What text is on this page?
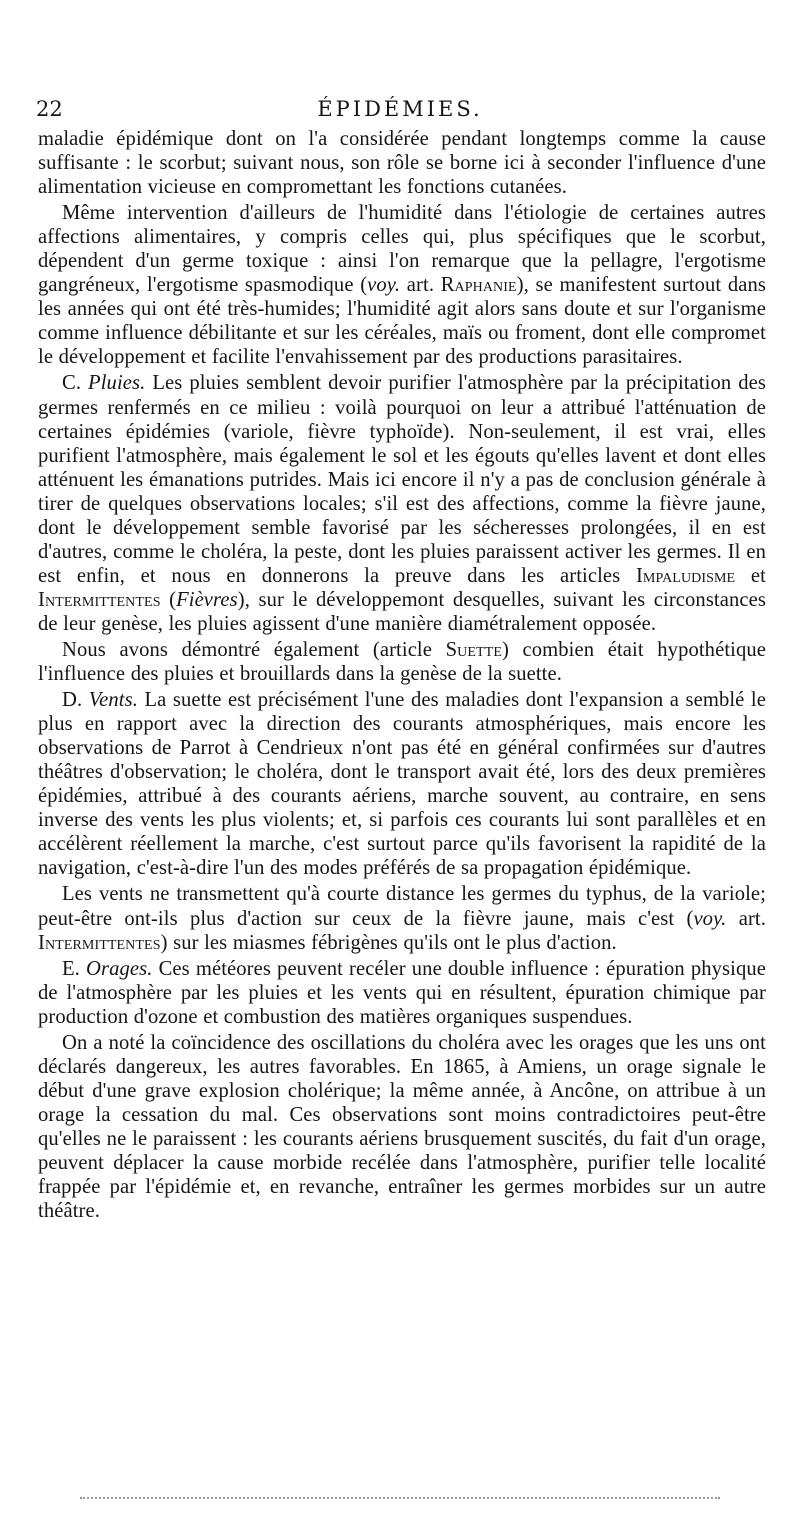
22	ÉPIDÉMIES.

maladie épidémique dont on l'a considérée pendant longtemps comme la cause suffisante : le scorbut; suivant nous, son rôle se borne ici à seconder l'influence d'une alimentation vicieuse en compromettant les fonctions cutanées.

Même intervention d'ailleurs de l'humidité dans l'étiologie de certaines autres affections alimentaires, y compris celles qui, plus spécifiques que le scorbut, dépendent d'un germe toxique : ainsi l'on remarque que la pellagre, l'ergotisme gangréneux, l'ergotisme spasmodique (voy. art. Raphanie), se manifestent surtout dans les années qui ont été très-humides; l'humidité agit alors sans doute et sur l'organisme comme influence débilitante et sur les céréales, maïs ou froment, dont elle compromet le développement et facilite l'envahissement par des productions parasitaires.

C. Pluies. Les pluies semblent devoir purifier l'atmosphère par la précipitation des germes renfermés en ce milieu : voilà pourquoi on leur a attribué l'atténuation de certaines épidémies (variole, fièvre typhoïde). Non-seulement, il est vrai, elles purifient l'atmosphère, mais également le sol et les égouts qu'elles lavent et dont elles atténuent les émanations putrides. Mais ici encore il n'y a pas de conclusion générale à tirer de quelques observations locales; s'il est des affections, comme la fièvre jaune, dont le développement semble favorisé par les sécheresses prolongées, il en est d'autres, comme le choléra, la peste, dont les pluies paraissent activer les germes. Il en est enfin, et nous en donnerons la preuve dans les articles Impaludisme et Intermittentes (Fièvres), sur le développemont desquelles, suivant les circonstances de leur genèse, les pluies agissent d'une manière diamétralement opposée.

Nous avons démontré également (article Suette) combien était hypothétique l'influence des pluies et brouillards dans la genèse de la suette.

D. Vents. La suette est précisément l'une des maladies dont l'expansion a semblé le plus en rapport avec la direction des courants atmosphériques, mais encore les observations de Parrot à Cendrieux n'ont pas été en général confirmées sur d'autres théâtres d'observation; le choléra, dont le transport avait été, lors des deux premières épidémies, attribué à des courants aériens, marche souvent, au contraire, en sens inverse des vents les plus violents; et, si parfois ces courants lui sont parallèles et en accélèrent réellement la marche, c'est surtout parce qu'ils favorisent la rapidité de la navigation, c'est-à-dire l'un des modes préférés de sa propagation épidémique.

Les vents ne transmettent qu'à courte distance les germes du typhus, de la variole; peut-être ont-ils plus d'action sur ceux de la fièvre jaune, mais c'est (voy. art. Intermittentes) sur les miasmes fébrigènes qu'ils ont le plus d'action.

E. Orages. Ces météores peuvent recéler une double influence : épuration physique de l'atmosphère par les pluies et les vents qui en résultent, épuration chimique par production d'ozone et combustion des matières organiques suspendues.

On a noté la coïncidence des oscillations du choléra avec les orages que les uns ont déclarés dangereux, les autres favorables. En 1865, à Amiens, un orage signale le début d'une grave explosion cholérique; la même année, à Ancône, on attribue à un orage la cessation du mal. Ces observations sont moins contradictoires peut-être qu'elles ne le paraissent : les courants aériens brusquement suscités, du fait d'un orage, peuvent déplacer la cause morbide recélée dans l'atmosphère, purifier telle localité frappée par l'épidémie et, en revanche, entraîner les germes morbides sur un autre théâtre.
